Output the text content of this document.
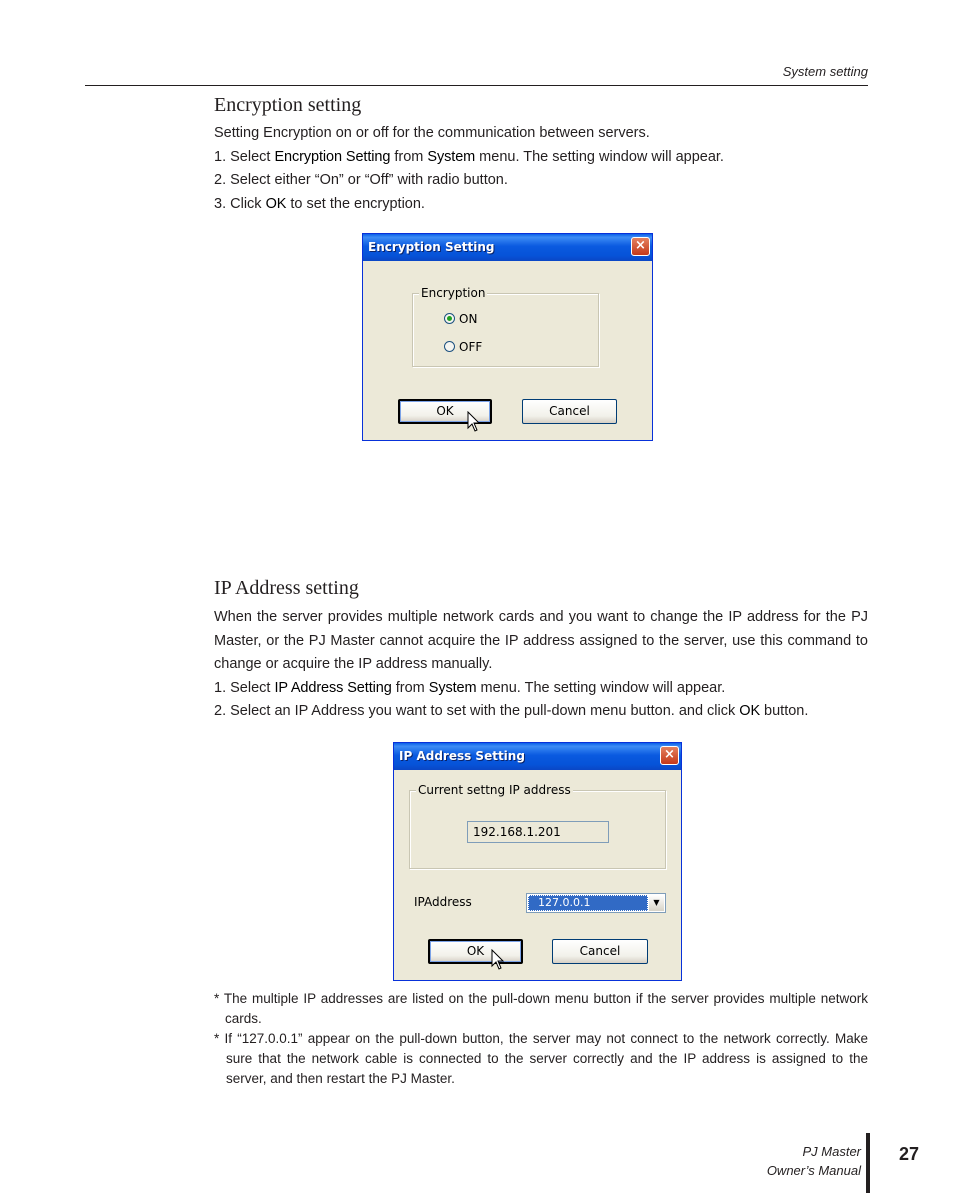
System setting
Encryption setting

Setting Encryption on or off for the communication between servers.

1. Select Encryption Setting from System menu. The setting window will appear.

2. Select either “On” or “Off” with radio button.

3. Click OK to set the encryption.

Encryption Setting	×
Encryption
ON
OFF
OK	Cancel
IP Address setting

When the server provides multiple network cards and you want to change the IP address for the PJ Master, or the PJ Master cannot acquire the IP address assigned to the server, use this command to change or acquire the IP address manually.

1. Select IP Address Setting from System menu. The setting window will appear.

2. Select an IP Address you want to set with the pull-down menu button. and click OK button.

IP Address Setting	×
Current settng IP address
192.168.1.201
IPAddress	127.0.0.1	▼
OK	Cancel

* The multiple IP addresses are listed on the pull-down menu button if the server provides multiple network cards.

* If “127.0.0.1” appear on the pull-down button, the server may not connect to the network correctly. Make sure that the network cable is connected to the server correctly and the IP address is assigned to the server, and then restart the PJ Master.

PJ Master
Owner’s Manual
27
